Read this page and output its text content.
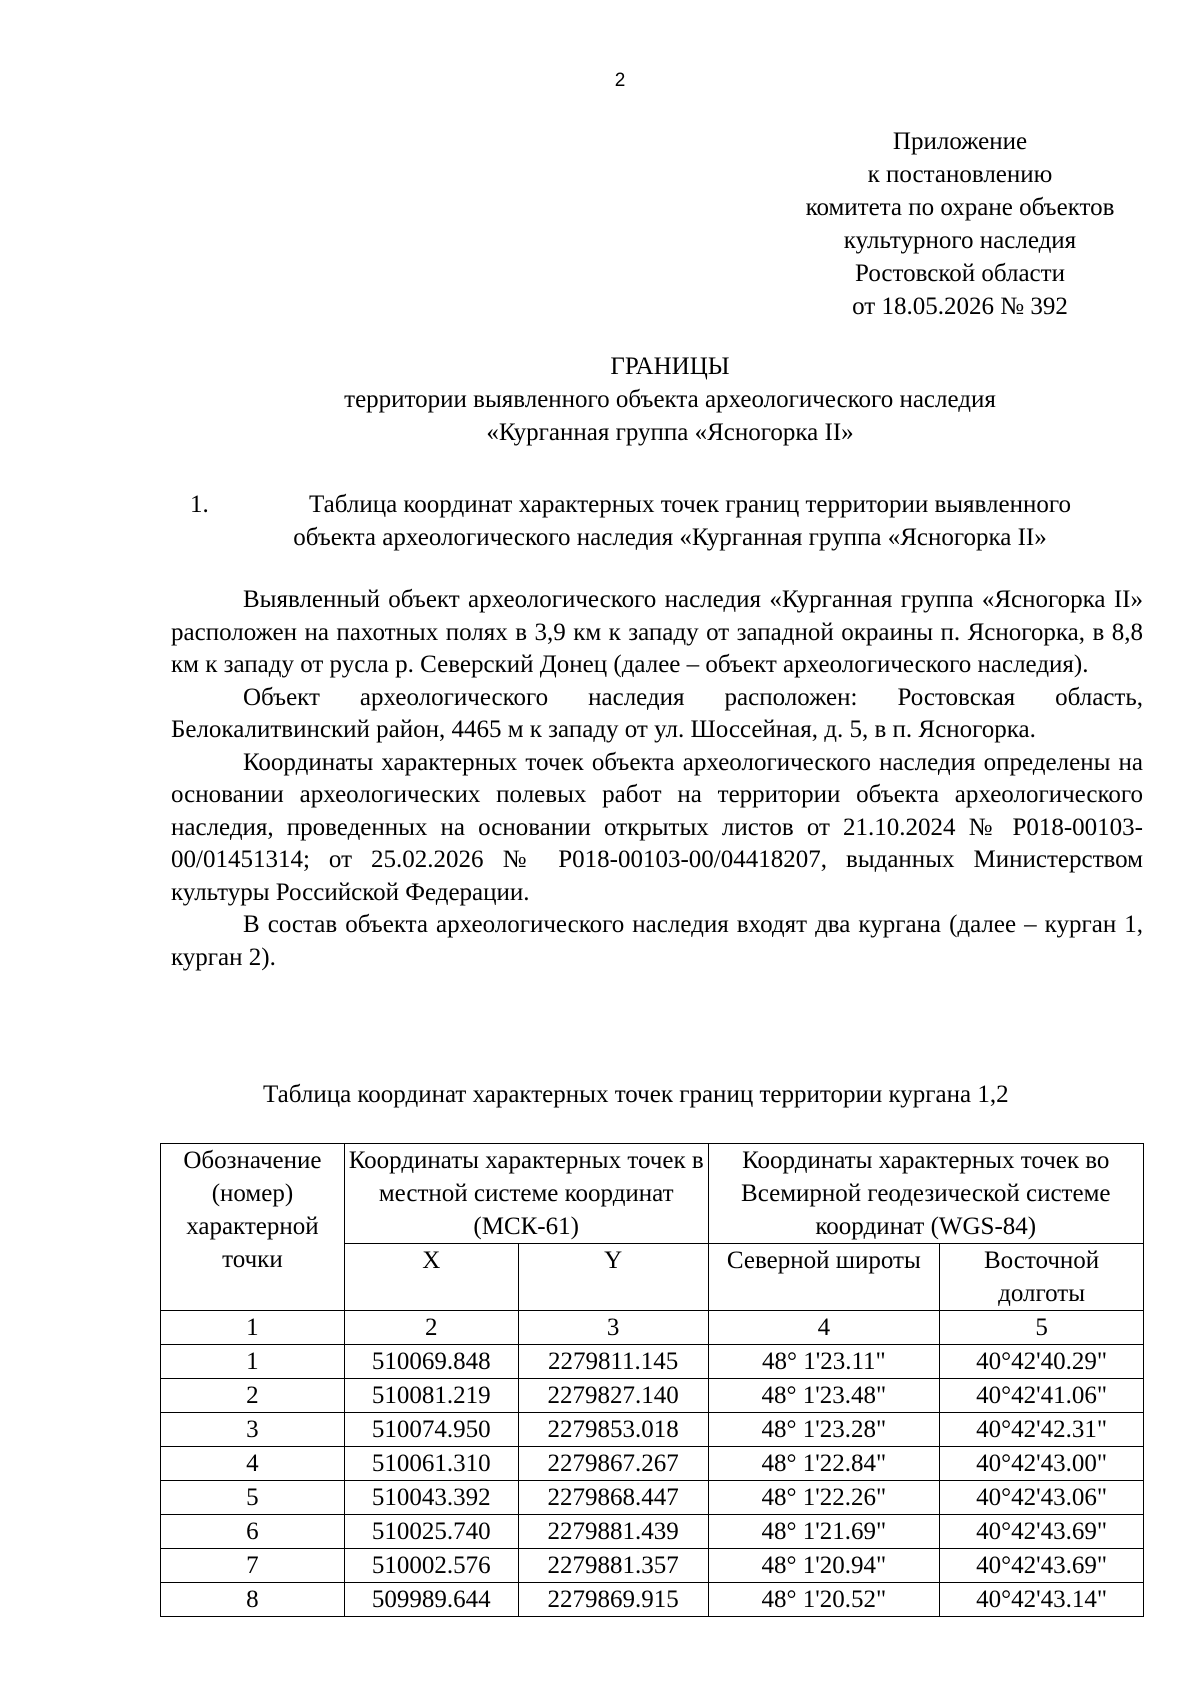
2
Приложение
к постановлению
комитета по охране объектов
культурного наследия
Ростовской области
от 18.05.2026 № 392
ГРАНИЦЫ
территории выявленного объекта археологического наследия
«Курганная группа «Ясногорка II»
1.	Таблица координат характерных точек границ территории выявленного
объекта археологического наследия «Курганная группа «Ясногорка II»

Выявленный объект археологического наследия «Курганная группа «Ясногорка II» расположен на пахотных полях в 3,9 км к западу от западной окраины п. Ясногорка, в 8,8 км к западу от русла р. Северский Донец (далее – объект археологического наследия).

Объект археологического наследия расположен: Ростовская область, Белокалитвинский район, 4465 м к западу от ул. Шоссейная, д. 5, в п. Ясногорка.

Координаты характерных точек объекта археологического наследия определены на основании археологических полевых работ на территории объекта археологического наследия, проведенных на основании открытых листов от 21.10.2024 № Р018-00103-00/01451314; от 25.02.2026 № Р018-00103-00/04418207, выданных Министерством культуры Российской Федерации.

В состав объекта археологического наследия входят два кургана (далее – курган 1, курган 2).

Таблица координат характерных точек границ территории кургана 1,2
Обозначение (номер) характерной точки	Координаты характерных точек в местной системе координат (МСК-61)		Координаты характерных точек во Всемирной геодезической системе координат (WGS-84)	
	X	Y	Северной широты	Восточной долготы
1	2	3	4	5
1	510069.848	2279811.145	48° 1'23.11"	40°42'40.29"
2	510081.219	2279827.140	48° 1'23.48"	40°42'41.06"
3	510074.950	2279853.018	48° 1'23.28"	40°42'42.31"
4	510061.310	2279867.267	48° 1'22.84"	40°42'43.00"
5	510043.392	2279868.447	48° 1'22.26"	40°42'43.06"
6	510025.740	2279881.439	48° 1'21.69"	40°42'43.69"
7	510002.576	2279881.357	48° 1'20.94"	40°42'43.69"
8	509989.644	2279869.915	48° 1'20.52"	40°42'43.14"
